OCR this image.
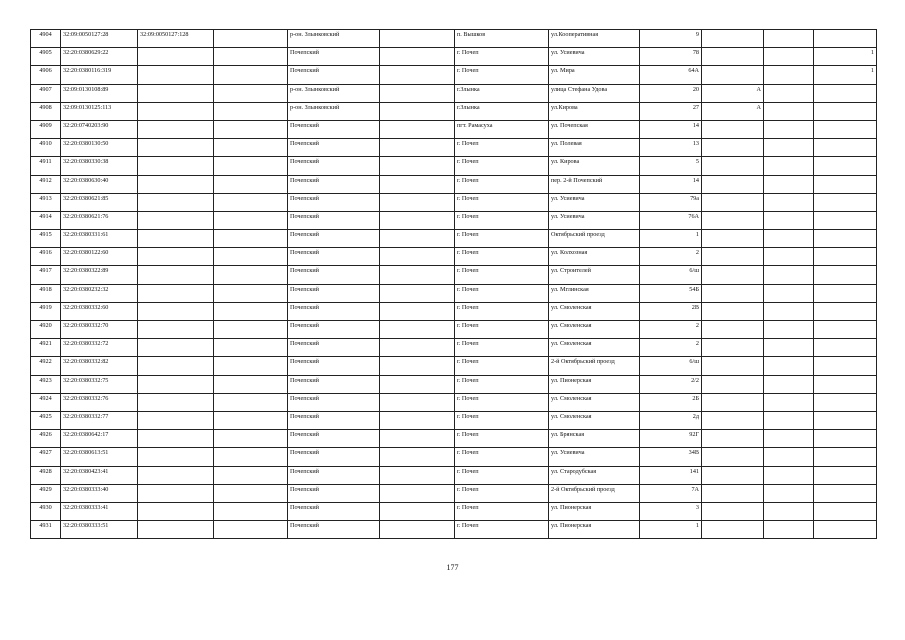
4904	32:09:0050127:28	32:09:0050127:128		р-он. Злынковский		п. Вышков	ул.Кооперативная	9			
4905	32:20:0380629:22			Почепский		г. Почеп	ул. Усиевича	78			1
4906	32:20:0380116:319			Почепский		г. Почеп	ул. Мира	64А			1
4907	32:09:0130108:89			р-он. Злынковский		г.Злынка	улица Стефана Удова	20	А		
4908	32:09:0130125:113			р-он. Злынковский		г.Злынка	ул.Кирова	27	А		
4909	32:20:0740203:90			Почепский		пгт. Рамасуха	ул. Почепская	14			
4910	32:20:0380130:50			Почепский		г. Почеп	ул. Полевая	13			
4911	32:20:0380330:38			Почепский		г. Почеп	ул. Кирова	5			
4912	32:20:0380630:40			Почепский		г. Почеп	пер. 2-й Почепский	14			
4913	32:20:0380621:85			Почепский		г. Почеп	ул. Усиевича	79а			
4914	32:20:0380621:76			Почепский		г. Почеп	ул. Усиевича	76А			
4915	32:20:0380331:61			Почепский		г. Почеп	Октябрьский проезд	1			
4916	32:20:0380122:60			Почепский		г. Почеп	ул. Колхозная	2			
4917	32:20:0380322:89			Почепский		г. Почеп	ул. Строителей	6/ш			
4918	32:20:0380232:32			Почепский		г. Почеп	ул. Мглинская	54Б			
4919	32:20:0380332:60			Почепский		г. Почеп	ул. Смоленская	2В			
4920	32:20:0380332:70			Почепский		г. Почеп	ул. Смоленская	2			
4921	32:20:0380332:72			Почепский		г. Почеп	ул. Смоленская	2			
4922	32:20:0380332:82			Почепский		г. Почеп	2-й Октябрьский проезд	6/ш			
4923	32:20:0380332:75			Почепский		г. Почеп	ул. Пионерская	2/2			
4924	32:20:0380332:76			Почепский		г. Почеп	ул. Смоленская	2Б			
4925	32:20:0380332:77			Почепский		г. Почеп	ул. Смоленская	2д			
4926	32:20:0380642:17			Почепский		г. Почеп	ул. Брянская	92Г			
4927	32:20:0380613:51			Почепский		г. Почеп	ул. Усиевича	34В			
4928	32:20:0380423:41			Почепский		г. Почеп	ул. Стародубская	141			
4929	32:20:0380333:40			Почепский		г. Почеп	2-й Октябрьский проезд	7А			
4930	32:20:0380333:41			Почепский		г. Почеп	ул. Пионерская	3			
4931	32:20:0380333:51			Почепский		г. Почеп	ул. Пионерская	1			
177
